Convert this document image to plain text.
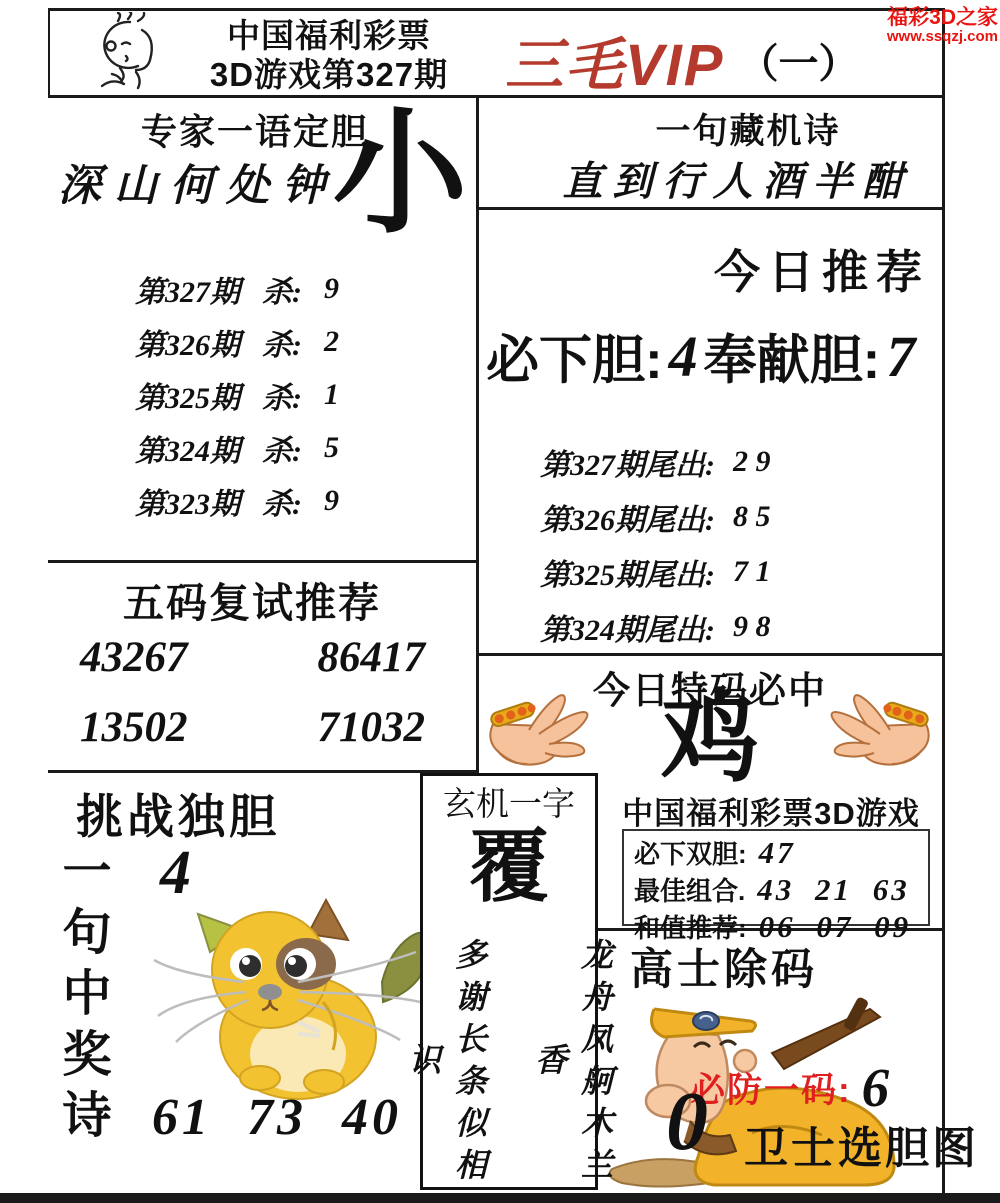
中国福利彩票
3D游戏第327期 三毛VIP （一）
福彩3D之家
www.ssqzj.com
专家一语定胆
深山何处钟
小
第327期 杀: 9
第326期 杀: 2
第325期 杀: 1
第324期 杀: 5
第323期 杀: 9
五码复试推荐
43267	86417
13502	71032
挑战独胆
4
一句中奖诗 61 73 40
玄机一字
覆
多谢长条似相识	龙舟凤舸木兰香
一句藏机诗
直到行人酒半酣
今日推荐
必下胆: 4 奉献胆: 7
第327期尾出: 2 9
第326期尾出: 8 5
第325期尾出: 7 1
第324期尾出: 9 8
今日特码必中
鸡
中国福利彩票3D游戏
必下双胆: 47
最佳组合. 43 21 63
和值推荐: 06 07 09
高士除码
必防一码: 6
0 卫士选胆图
